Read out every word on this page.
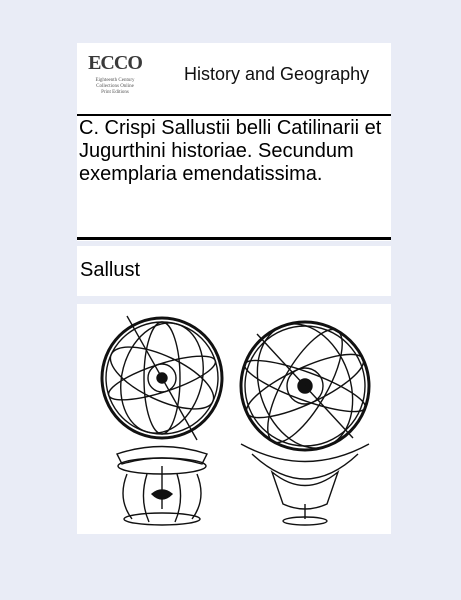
ECCO
Eighteenth Century
Collections Online
Print Editions
History and Geography
C. Crispi Sallustii belli Catilinarii et Jugurthini historiae. Secundum exemplaria emendatissima.
Sallust
